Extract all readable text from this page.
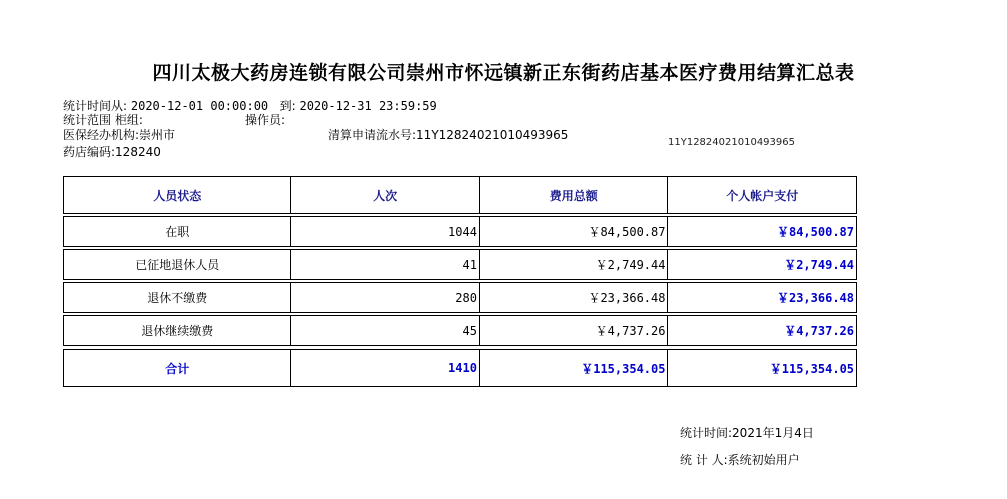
四川太极大药房连锁有限公司崇州市怀远镇新正东街药店基本医疗费用结算汇总表
统计时间从: 2020-12-01 00:00:00 到: 2020-12-31 23:59:59
统计范围 柜组:	操作员:
医保经办机构:崇州市	清算申请流水号:11Y12824021010493965
11Y12824021010493965
药店编码:128240
人员状态	人次	费用总额	个人帐户支付
在职	1044	￥84,500.87	￥84,500.87
已征地退休人员	41	￥2,749.44	￥2,749.44
退休不缴费	280	￥23,366.48	￥23,366.48
退休继续缴费	45	￥4,737.26	￥4,737.26
合计	1410	￥115,354.05	￥115,354.05
统计时间:2021年1月4日
统 计 人:系统初始用户
